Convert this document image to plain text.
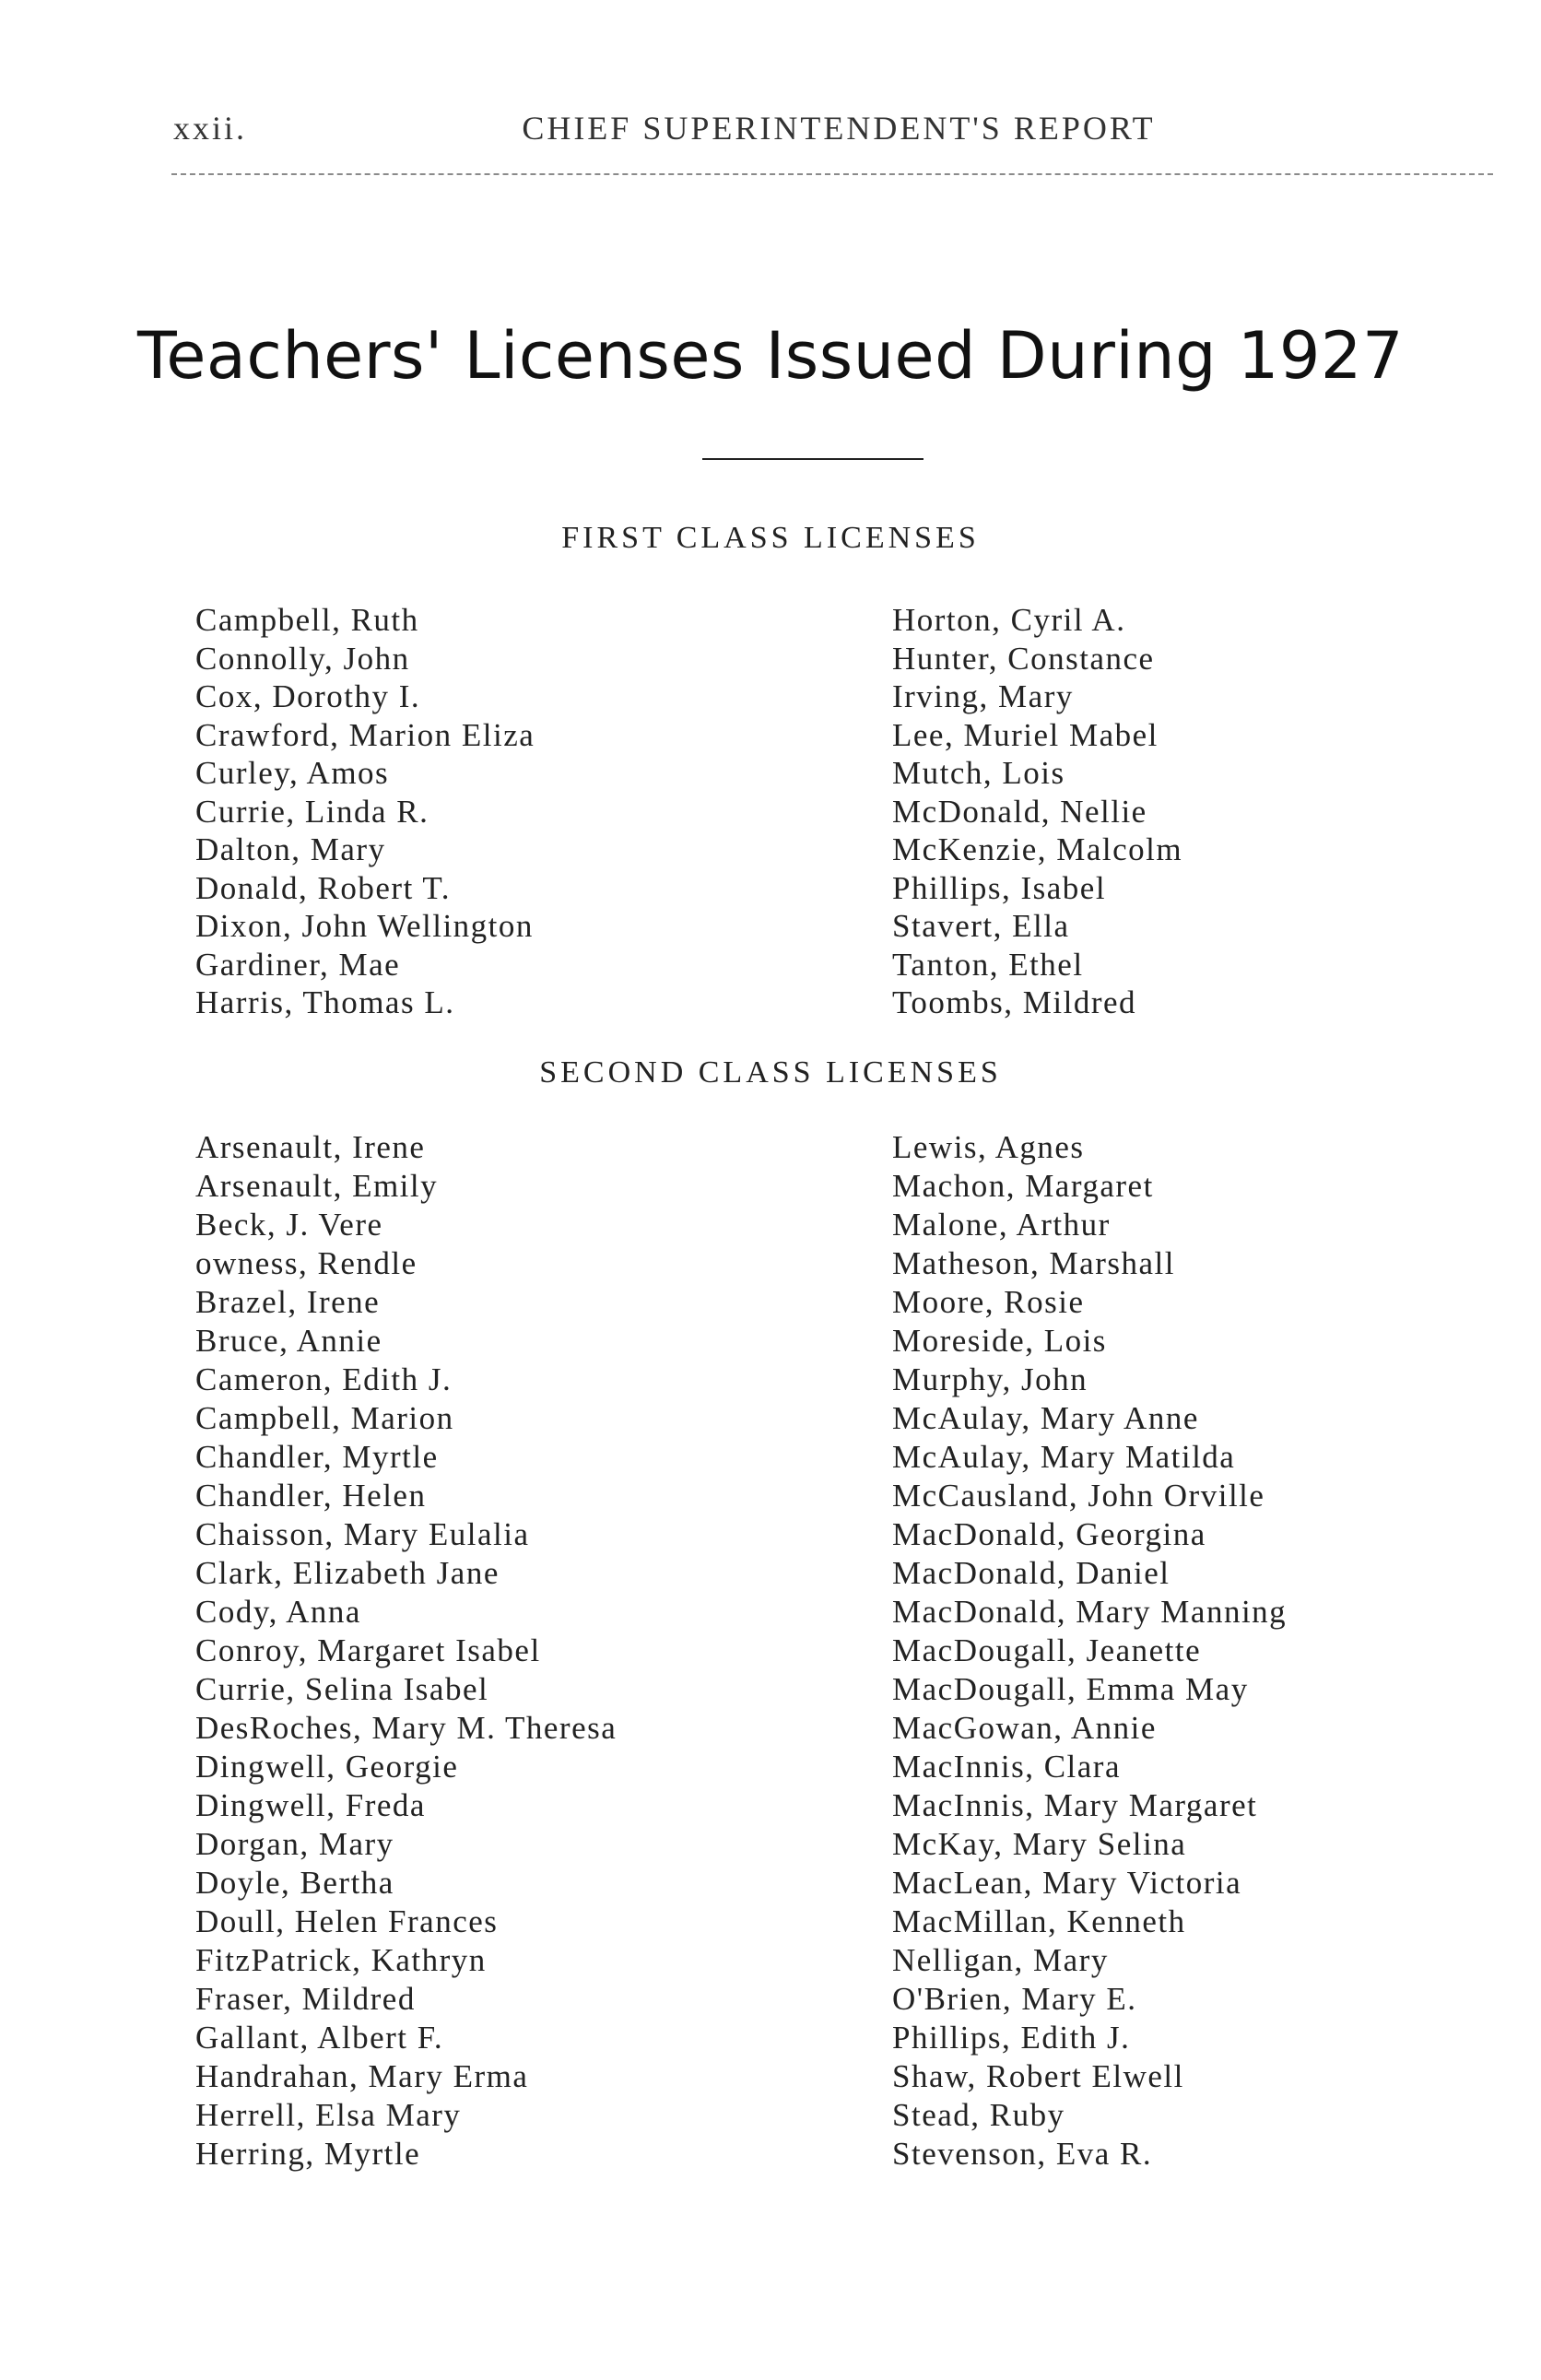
xxii.	CHIEF SUPERINTENDENT'S REPORT
Teachers' Licenses Issued During 1927
FIRST CLASS LICENSES
Campbell, Ruth
Connolly, John
Cox, Dorothy I.
Crawford, Marion Eliza
Curley, Amos
Currie, Linda R.
Dalton, Mary
Donald, Robert T.
Dixon, John Wellington
Gardiner, Mae
Harris, Thomas L.
Horton, Cyril A.
Hunter, Constance
Irving, Mary
Lee, Muriel Mabel
Mutch, Lois
McDonald, Nellie
McKenzie, Malcolm
Phillips, Isabel
Stavert, Ella
Tanton, Ethel
Toombs, Mildred
SECOND CLASS LICENSES
Arsenault, Irene
Arsenault, Emily
Beck, J. Vere
owness, Rendle
Brazel, Irene
Bruce, Annie
Cameron, Edith J.
Campbell, Marion
Chandler, Myrtle
Chandler, Helen
Chaisson, Mary Eulalia
Clark, Elizabeth Jane
Cody, Anna
Conroy, Margaret Isabel
Currie, Selina Isabel
DesRoches, Mary M. Theresa
Dingwell, Georgie
Dingwell, Freda
Dorgan, Mary
Doyle, Bertha
Doull, Helen Frances
FitzPatrick, Kathryn
Fraser, Mildred
Gallant, Albert F.
Handrahan, Mary Erma
Herrell, Elsa Mary
Herring, Myrtle
Lewis, Agnes
Machon, Margaret
Malone, Arthur
Matheson, Marshall
Moore, Rosie
Moreside, Lois
Murphy, John
McAulay, Mary Anne
McAulay, Mary Matilda
McCausland, John Orville
MacDonald, Georgina
MacDonald, Daniel
MacDonald, Mary Manning
MacDougall, Jeanette
MacDougall, Emma May
MacGowan, Annie
MacInnis, Clara
MacInnis, Mary Margaret
McKay, Mary Selina
MacLean, Mary Victoria
MacMillan, Kenneth
Nelligan, Mary
O'Brien, Mary E.
Phillips, Edith J.
Shaw, Robert Elwell
Stead, Ruby
Stevenson, Eva R.
